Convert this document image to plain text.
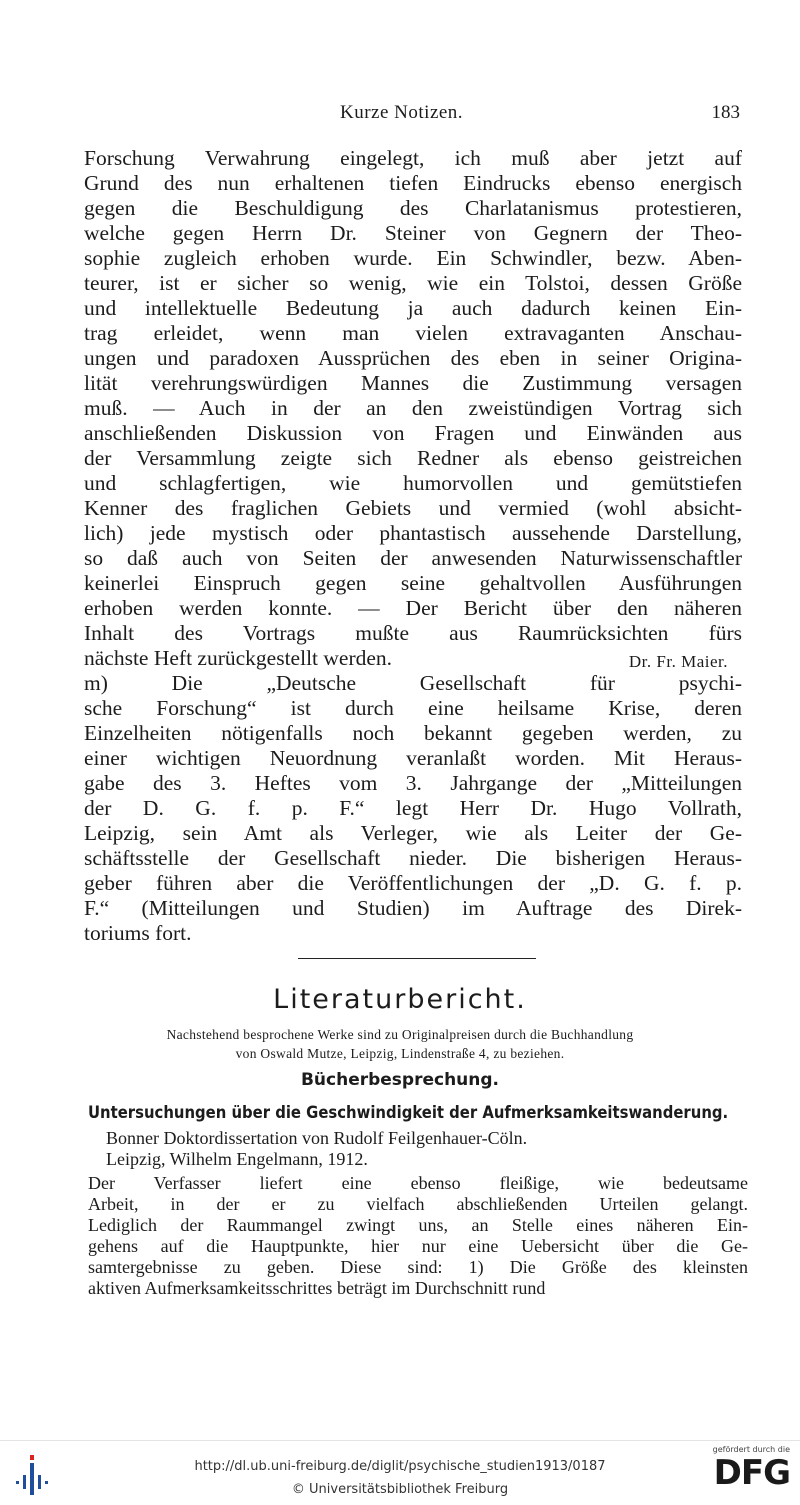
Kurze Notizen.	183
Forschung Verwahrung eingelegt, ich muß aber jetzt auf
Grund des nun erhaltenen tiefen Eindrucks ebenso energisch
gegen die Beschuldigung des Charlatanismus protestieren,
welche gegen Herrn Dr. Steiner von Gegnern der Theo-
sophie zugleich erhoben wurde. Ein Schwindler, bezw. Aben-
teurer, ist er sicher so wenig, wie ein Tolstoi, dessen Größe
und intellektuelle Bedeutung ja auch dadurch keinen Ein-
trag erleidet, wenn man vielen extravaganten Anschau-
ungen und paradoxen Aussprüchen des eben in seiner Origina-
lität verehrungswürdigen Mannes die Zustimmung versagen
muß. — Auch in der an den zweistündigen Vortrag sich
anschließenden Diskussion von Fragen und Einwänden aus
der Versammlung zeigte sich Redner als ebenso geistreichen
und schlagfertigen, wie humorvollen und gemütstiefen
Kenner des fraglichen Gebiets und vermied (wohl absicht-
lich) jede mystisch oder phantastisch aussehende Darstellung,
so daß auch von Seiten der anwesenden Naturwissenschaftler
keinerlei Einspruch gegen seine gehaltvollen Ausführungen
erhoben werden konnte. — Der Bericht über den näheren
Inhalt des Vortrags mußte aus Raumrücksichten fürs
nächste Heft zurückgestellt werden.	Dr. Fr. Maier.
m) Die „Deutsche Gesellschaft für psychi-
sche Forschung“ ist durch eine heilsame Krise, deren
Einzelheiten nötigenfalls noch bekannt gegeben werden, zu
einer wichtigen Neuordnung veranlaßt worden. Mit Heraus-
gabe des 3. Heftes vom 3. Jahrgange der „Mitteilungen
der D. G. f. p. F.“ legt Herr Dr. Hugo Vollrath,
Leipzig, sein Amt als Verleger, wie als Leiter der Ge-
schäftsstelle der Gesellschaft nieder. Die bisherigen Heraus-
geber führen aber die Veröffentlichungen der „D. G. f. p.
F.“ (Mitteilungen und Studien) im Auftrage des Direk-
toriums fort.
Literaturbericht.
Nachstehend besprochene Werke sind zu Originalpreisen durch die Buchhandlung
von Oswald Mutze, Leipzig, Lindenstraße 4, zu beziehen.
Bücherbesprechung.
Untersuchungen über die Geschwindigkeit der Aufmerksamkeitswanderung.
Bonner Doktordissertation von Rudolf Feilgenhauer-Cöln.
Leipzig, Wilhelm Engelmann, 1912.
Der Verfasser liefert eine ebenso fleißige, wie bedeutsame
Arbeit, in der er zu vielfach abschließenden Urteilen gelangt.
Lediglich der Raummangel zwingt uns, an Stelle eines näheren Ein-
gehens auf die Hauptpunkte, hier nur eine Uebersicht über die Ge-
samtergebnisse zu geben. Diese sind: 1) Die Größe des kleinsten
aktiven Aufmerksamkeitsschrittes beträgt im Durchschnitt rund
http://dl.ub.uni-freiburg.de/diglit/psychische_studien1913/0187
© Universitätsbibliothek Freiburg
gefördert durch die
DFG
